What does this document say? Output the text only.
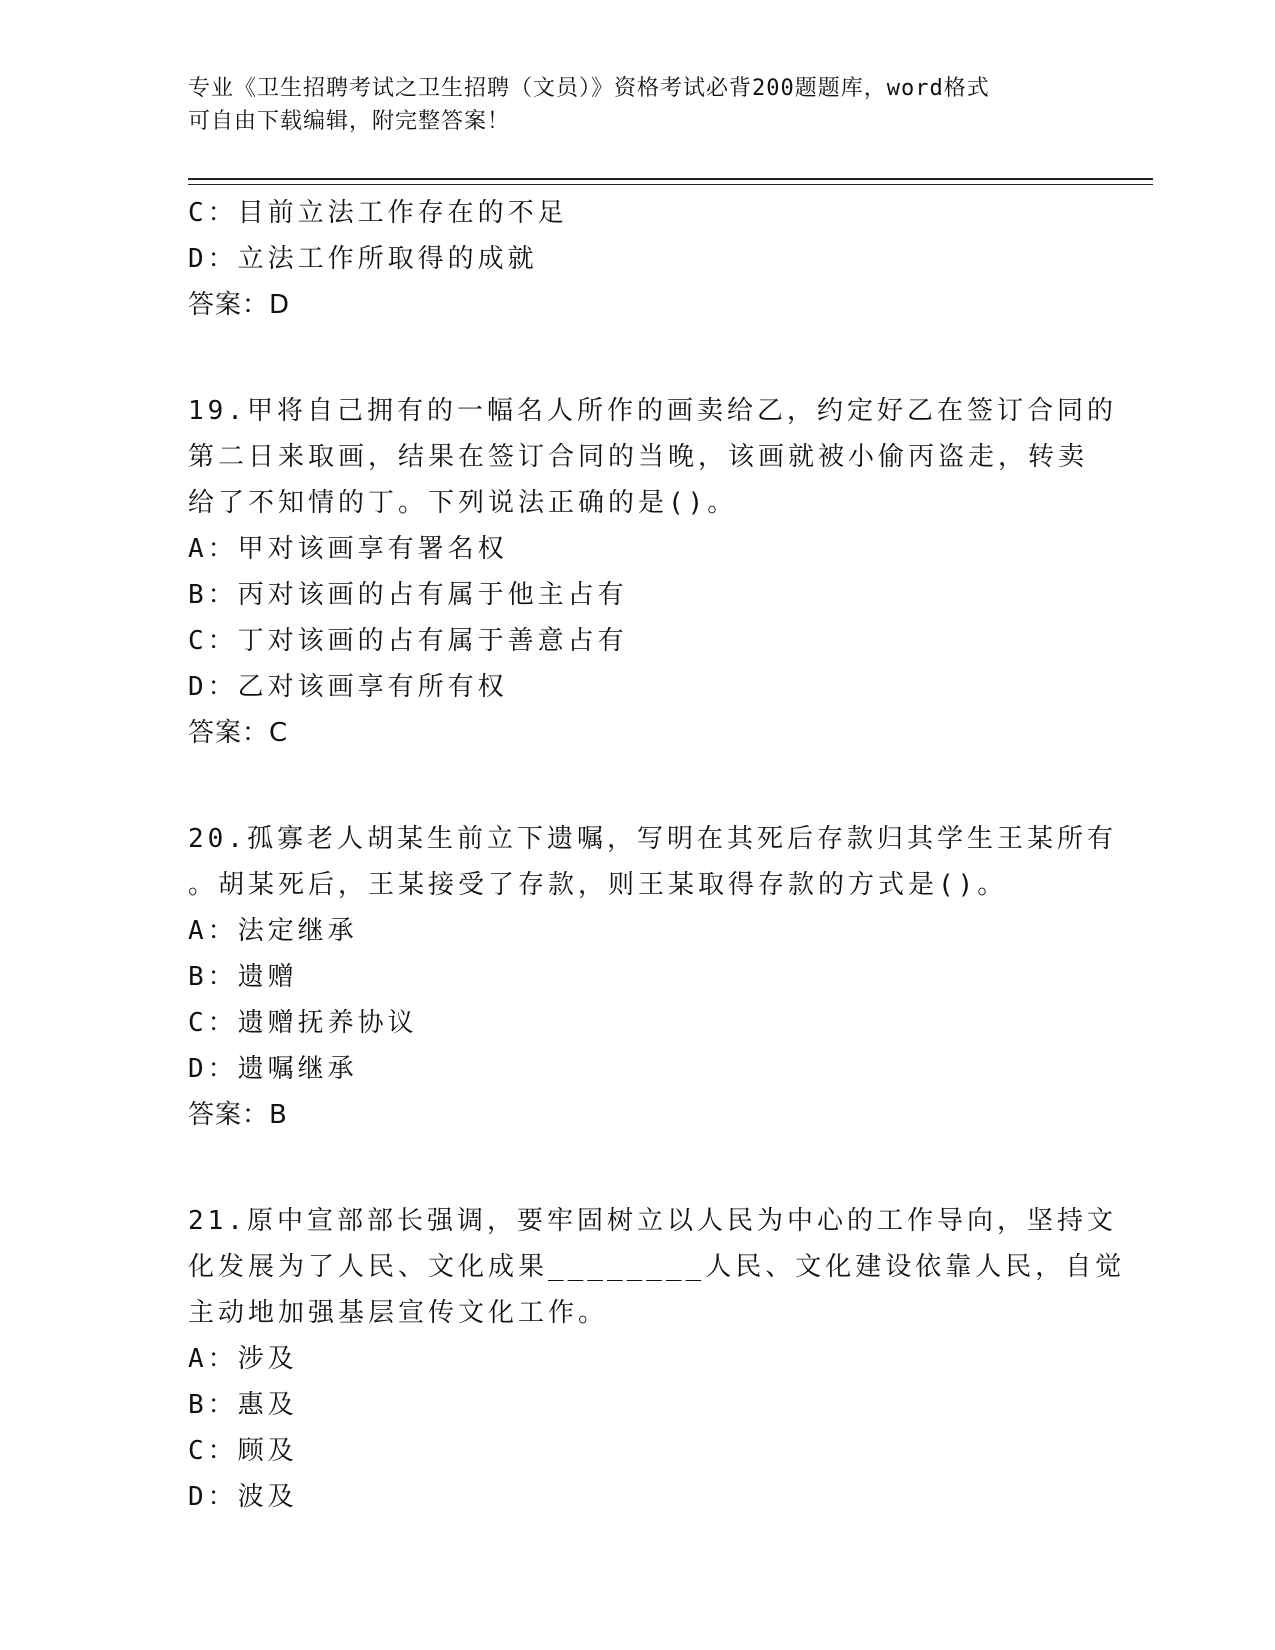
专业《卫生招聘考试之卫生招聘（文员）》资格考试必背200题题库，word格式
可自由下载编辑，附完整答案！
C：目前立法工作存在的不足
D：立法工作所取得的成就
答案：D
19.甲将自己拥有的一幅名人所作的画卖给乙，约定好乙在签订合同的
第二日来取画，结果在签订合同的当晚，该画就被小偷丙盗走，转卖
给了不知情的丁。下列说法正确的是()。
A：甲对该画享有署名权
B：丙对该画的占有属于他主占有
C：丁对该画的占有属于善意占有
D：乙对该画享有所有权
答案：C
20.孤寡老人胡某生前立下遗嘱，写明在其死后存款归其学生王某所有
。胡某死后，王某接受了存款，则王某取得存款的方式是()。
A：法定继承
B：遗赠
C：遗赠抚养协议
D：遗嘱继承
答案：B
21.原中宣部部长强调，要牢固树立以人民为中心的工作导向，坚持文
化发展为了人民、文化成果________人民、文化建设依靠人民，自觉
主动地加强基层宣传文化工作。
A：涉及
B：惠及
C：顾及
D：波及
